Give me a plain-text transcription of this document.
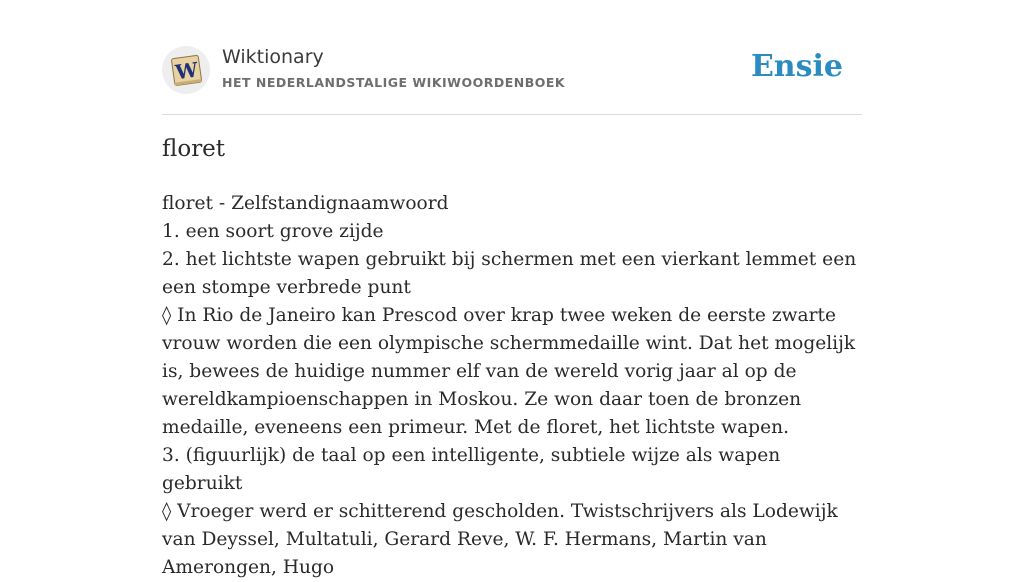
W
Wiktionary
HET NEDERLANDSTALIGE WIKIWOORDENBOEK	Ensie
floret

floret - Zelfstandignaamwoord

1. een soort grove zijde

2. het lichtste wapen gebruikt bij schermen met een vierkant lemmet een een stompe verbrede punt

◊ In Rio de Janeiro kan Prescod over krap twee weken de eerste zwarte vrouw worden die een olympische schermmedaille wint. Dat het mogelijk is, bewees de huidige nummer elf van de wereld vorig jaar al op de wereldkampioenschappen in Moskou. Ze won daar toen de bronzen medaille, eveneens een primeur. Met de floret, het lichtste wapen.

3. (figuurlijk) de taal op een intelligente, subtiele wijze als wapen gebruikt

◊ Vroeger werd er schitterend gescholden. Twistschrijvers als Lodewijk van Deyssel, Multatuli, Gerard Reve, W. F. Hermans, Martin van Amerongen, Hugo
